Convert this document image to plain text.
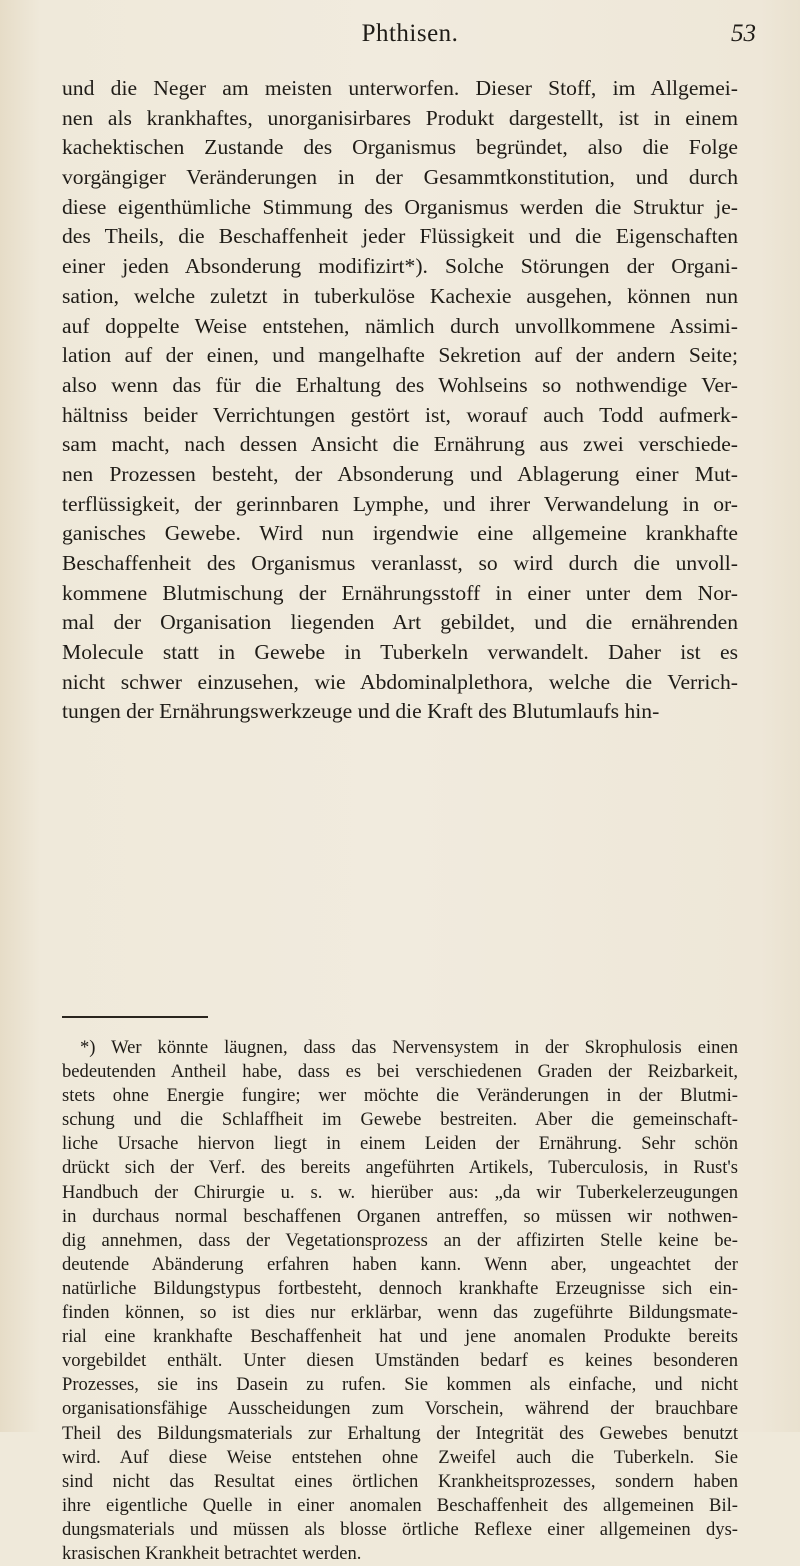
Phthisen.	53
und die Neger am meisten unterworfen. Dieser Stoff, im Allgemei-
nen als krankhaftes, unorganisirbares Produkt dargestellt, ist in einem
kachektischen Zustande des Organismus begründet, also die Folge
vorgängiger Veränderungen in der Gesammtkonstitution, und durch
diese eigenthümliche Stimmung des Organismus werden die Struktur je-
des Theils, die Beschaffenheit jeder Flüssigkeit und die Eigenschaften
einer jeden Absonderung modifizirt*). Solche Störungen der Organi-
sation, welche zuletzt in tuberkulöse Kachexie ausgehen, können nun
auf doppelte Weise entstehen, nämlich durch unvollkommene Assimi-
lation auf der einen, und mangelhafte Sekretion auf der andern Seite;
also wenn das für die Erhaltung des Wohlseins so nothwendige Ver-
hältniss beider Verrichtungen gestört ist, worauf auch Todd aufmerk-
sam macht, nach dessen Ansicht die Ernährung aus zwei verschiede-
nen Prozessen besteht, der Absonderung und Ablagerung einer Mut-
terflüssigkeit, der gerinnbaren Lymphe, und ihrer Verwandelung in or-
ganisches Gewebe. Wird nun irgendwie eine allgemeine krankhafte
Beschaffenheit des Organismus veranlasst, so wird durch die unvoll-
kommene Blutmischung der Ernährungsstoff in einer unter dem Nor-
mal der Organisation liegenden Art gebildet, und die ernährenden
Molecule statt in Gewebe in Tuberkeln verwandelt. Daher ist es
nicht schwer einzusehen, wie Abdominalplethora, welche die Verrich-
tungen der Ernährungswerkzeuge und die Kraft des Blutumlaufs hin-
*) Wer könnte läugnen, dass das Nervensystem in der Skrophulosis einen
bedeutenden Antheil habe, dass es bei verschiedenen Graden der Reizbarkeit,
stets ohne Energie fungire; wer möchte die Veränderungen in der Blutmi-
schung und die Schlaffheit im Gewebe bestreiten. Aber die gemeinschaft-
liche Ursache hiervon liegt in einem Leiden der Ernährung. Sehr schön
drückt sich der Verf. des bereits angeführten Artikels, Tuberculosis, in Rust's
Handbuch der Chirurgie u. s. w. hierüber aus: „da wir Tuberkelerzeugungen
in durchaus normal beschaffenen Organen antreffen, so müssen wir nothwen-
dig annehmen, dass der Vegetationsprozess an der affizirten Stelle keine be-
deutende Abänderung erfahren haben kann. Wenn aber, ungeachtet der
natürliche Bildungstypus fortbesteht, dennoch krankhafte Erzeugnisse sich ein-
finden können, so ist dies nur erklärbar, wenn das zugeführte Bildungsmate-
rial eine krankhafte Beschaffenheit hat und jene anomalen Produkte bereits
vorgebildet enthält. Unter diesen Umständen bedarf es keines besonderen
Prozesses, sie ins Dasein zu rufen. Sie kommen als einfache, und nicht
organisationsfähige Ausscheidungen zum Vorschein, während der brauchbare
Theil des Bildungsmaterials zur Erhaltung der Integrität des Gewebes benutzt
wird. Auf diese Weise entstehen ohne Zweifel auch die Tuberkeln. Sie
sind nicht das Resultat eines örtlichen Krankheitsprozesses, sondern haben
ihre eigentliche Quelle in einer anomalen Beschaffenheit des allgemeinen Bil-
dungsmaterials und müssen als blosse örtliche Reflexe einer allgemeinen dys-
krasischen Krankheit betrachtet werden.
